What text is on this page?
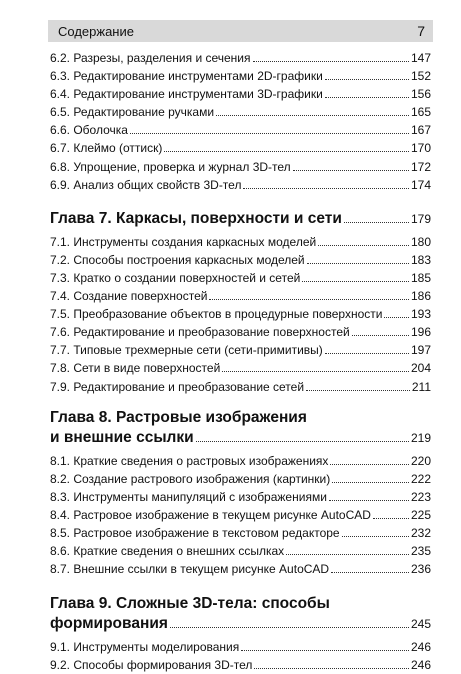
Содержание	7
6.2. Разрезы, разделения и сечения	147
6.3. Редактирование инструментами 2D-графики	152
6.4. Редактирование инструментами 3D-графики	156
6.5. Редактирование ручками	165
6.6. Оболочка	167
6.7. Клеймо (оттиск)	170
6.8. Упрощение, проверка и журнал 3D-тел	172
6.9. Анализ общих свойств 3D-тел	174
Глава 7. Каркасы, поверхности и сети	179
7.1. Инструменты создания каркасных моделей	180
7.2. Способы построения каркасных моделей	183
7.3. Кратко о создании поверхностей и сетей	185
7.4. Создание поверхностей	186
7.5. Преобразование объектов в процедурные поверхности 193
7.6. Редактирование и преобразование поверхностей	196
7.7. Типовые трехмерные сети (сети-примитивы)	197
7.8. Сети в виде поверхностей	204
7.9. Редактирование и преобразование сетей	211
Глава 8. Растровые изображения
и внешние ссылки	219
8.1. Краткие сведения о растровых изображениях	220
8.2. Создание растрового изображения (картинки)	222
8.3. Инструменты манипуляций с изображениями	223
8.4. Растровое изображение в текущем рисунке AutoCAD	225
8.5. Растровое изображение в текстовом редакторе	232
8.6. Краткие сведения о внешних ссылках	235
8.7. Внешние ссылки в текущем рисунке AutoCAD	236
Глава 9. Сложные 3D-тела: способы
формирования	245
9.1. Инструменты моделирования	246
9.2. Способы формирования 3D-тел	246
